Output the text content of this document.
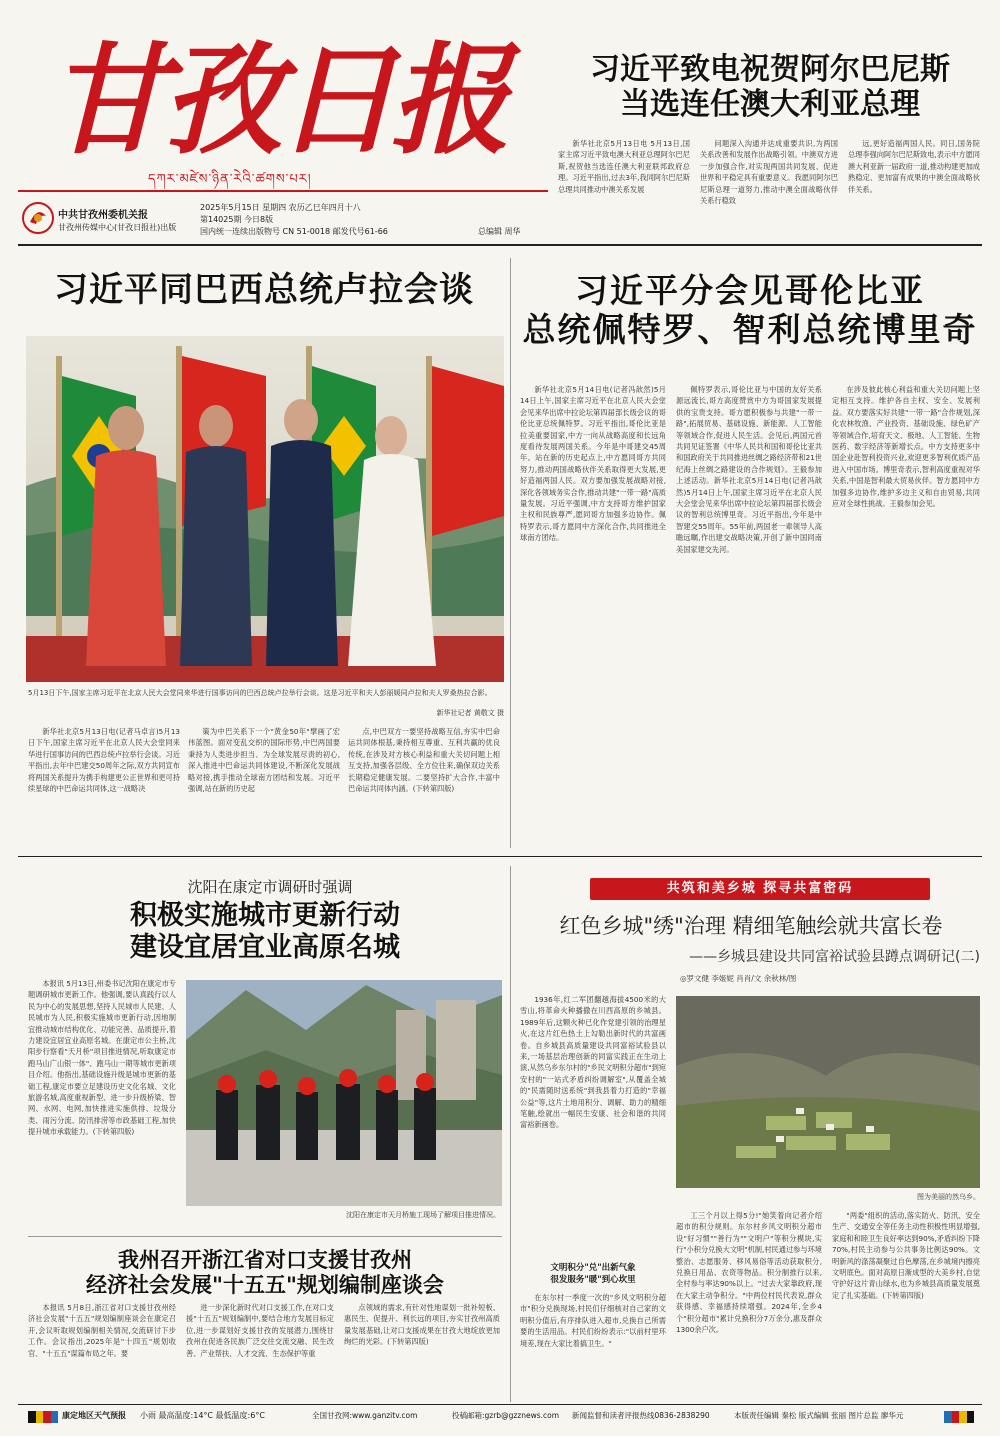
甘孜日报
དཀར་མཛེས་ཉིན་རེའི་ཚགས་པར།
中共甘孜州委机关报
甘孜州传媒中心(甘孜日报社)出版
2025年5月15日 星期四 农历乙巳年四月十八
第14025期 今日8版
国内统一连续出版物号 CN 51-0018 邮发代号61-66	总编辑 周华
习近平致电祝贺阿尔巴尼斯
当选连任澳大利亚总理
新华社北京5月13日电 5月13日,国家主席习近平致电澳大利亚总理阿尔巴尼斯,祝贺他当选连任澳大利亚联邦政府总理。习近平指出,过去3年,我同阿尔巴尼斯总理共同推动中澳关系发展
问题深入沟通并达成重要共识,为两国关系改善和发展作出战略引领。中澳双方进一步加强合作,对实现两国共同发展、促进世界和平稳定具有重要意义。我愿同阿尔巴尼斯总理一道努力,推动中澳全面战略伙伴关系行稳致
远,更好造福两国人民。同日,国务院总理李强向阿尔巴尼斯致电,表示中方愿同澳大利亚新一届政府一道,推动构建更加成熟稳定、更加富有成果的中澳全面战略伙伴关系。
习近平同巴西总统卢拉会谈
5月13日下午,国家主席习近平在北京人民大会堂同来华进行国事访问的巴西总统卢拉举行会谈。这是习近平和夫人彭丽媛同卢拉和夫人罗桑热拉合影。
新华社记者 黄敬文 摄
新华社北京5月13日电(记者马卓言)5月13日下午,国家主席习近平在北京人民大会堂同来华进行国事访问的巴西总统卢拉举行会谈。习近平指出,去年中巴建交50周年之际,双方共同宣布将两国关系提升为携手构建更公正世界和更可持续星球的中巴命运共同体,这一战略决
策为中巴关系下一个"黄金50年"擘画了宏伟蓝图。面对变乱交织的国际形势,中巴两国要秉持为人类进步担当、为全球发展尽责的初心,深入推进中巴命运共同体建设,不断深化发展战略对接,携手推动全球南方团结和发展。习近平强调,站在新的历史起
点,中巴双方一要坚持战略互信,夯实中巴命运共同体根基,秉持相互尊重、互利共赢的优良传统,在涉及对方核心利益和重大关切问题上相互支持,加强各层级、全方位往来,确保双边关系长期稳定健康发展。二要坚持扩大合作,丰富中巴命运共同体内涵。(下转第四版)
习近平分会见哥伦比亚
总统佩特罗、智利总统博里奇
新华社北京5月14日电(记者冯歆然)5月14日上午,国家主席习近平在北京人民大会堂会见来华出席中拉论坛第四届部长级会议的哥伦比亚总统佩特罗。习近平指出,哥伦比亚是拉美重要国家,中方一向从战略高度和长远角度看待发展两国关系。今年是中哥建交45周年。站在新的历史起点上,中方愿同哥方共同努力,推动两国战略伙伴关系取得更大发展,更好造福两国人民。双方要加强发展战略对接,深化各领域务实合作,推动共建"一带一路"高质量发展。习近平强调,中方支持哥方维护国家主权和民族尊严,愿同哥方加强多边协作。佩特罗表示,哥方愿同中方深化合作,共同推进全球南方团结。
佩特罗表示,哥伦比亚与中国的友好关系源远流长,哥方高度赞赏中方为哥国家发展提供的宝贵支持。哥方愿积极参与共建"一带一路",拓展贸易、基础设施、新能源、人工智能等领域合作,促进人民生活。会见后,两国元首共同见证签署《中华人民共和国和哥伦比亚共和国政府关于共同推进丝绸之路经济带和21世纪海上丝绸之路建设的合作规划》。王毅参加上述活动。新华社北京5月14日电(记者冯歆然)5月14日上午,国家主席习近平在北京人民大会堂会见来华出席中拉论坛第四届部长级会议的智利总统博里奇。习近平指出,今年是中智建交55周年。55年前,两国老一辈领导人高瞻远瞩,作出建交战略决策,开创了新中国同南美国家建交先河。
在涉及彼此核心利益和重大关切问题上坚定相互支持。维护各自主权、安全、发展利益。双方要落实好共建"一带一路"合作规划,深化农林牧渔、产业投资、基础设施、绿色矿产等领域合作,培育天文、极地、人工智能、生物医药、数字经济等新增长点。中方支持更多中国企业赴智利投资兴业,欢迎更多智利优质产品进入中国市场。博里奇表示,智利高度重视对华关系,中国是智利最大贸易伙伴。智方愿同中方加强多边协作,维护多边主义和自由贸易,共同应对全球性挑战。王毅参加会见。
沈阳在康定市调研时强调
积极实施城市更新行动
建设宜居宜业高原名城
本报讯 5月13日,州委书记沈阳在康定市专题调研城市更新工作。他强调,要认真践行以人民为中心的发展思想,坚持人民城市人民建、人民城市为人民,积极实施城市更新行动,因地制宜推动城市结构优化、功能完善、品质提升,着力建设宜居宜业高原名城。在康定市公主桥,沈阳步行察看"天月桥"项目推进情况,听取康定市跑马山广山银一体"、跑马山一期等城市更新项目介绍。他指出,基础设施升级是城市更新的基础工程,康定市要立足建设历史文化名城、文化旅游名城,高度重视新型、进一步升级桥梁、智网、水网、电网,加快推进实施供排、垃圾分类、雨污分流、防汛排涝等市政基础工程,加快提升城市承载能力。(下转第四版)
沈阳在康定市天月桥施工现场了解项目推进情况。
我州召开浙江省对口支援甘孜州
经济社会发展"十五五"规划编制座谈会
本报讯 5月8日,浙江省对口支援甘孜州经济社会发展"十五五"规划编制座谈会在康定召开,会议听取规划编制相关情况,交流研讨下步工作。会议指出,2025年是"十四五"规划收官、"十五五"谋篇布局之年。要
进一步深化新时代对口支援工作,在对口支援"十五五"规划编制中,要结合地方发展目标定位,进一步谋划好支援甘孜的发展潜力,围绕甘孜州在促进各民族广泛交往交流交融、民生改善、产业帮扶、人才交流、生态保护等重
点领域的需求,有针对性地谋划一批补短板、惠民生、促提升、利长远的项目,夯实甘孜州高质量发展基础,让对口支援成果在甘孜大地绽放更加绚烂的光彩。(下转第四版)
共筑和美乡城 探寻共富密码
红色乡城"绣"治理 精细笔触绘就共富长卷
——乡城县建设共同富裕试验县蹲点调研记(二)
◎罗文健 李姬妮 肖肖/文 余秋林/图
1936年,红二军团翻越海拔4500米的大雪山,将革命火种播撒在川西高原的乡城县。1989年后,这颗火种已化作党建引领的治理星火,在这片红色热土上勾勒出新时代的共富画卷。自乡城县高质量建设共同富裕试验县以来,一场基层治理创新的同富实践正在生动上演,从然乌乡东尔村的"乡民文明积分超市"到宛安村的"一站式矛盾纠纷调解室",从覆盖全城的"民需随时送系统"到我县着力打造的"幸福公益"等,这片土地用积分、调解、助力的精细笔触,绘就出一幅民生安康、社会和谐的共同富裕新画卷。
文明积分"兑"出新气象
很发服务"暖"到心坎里
在东尔村一季度一次的"乡风文明积分超市"积分兑换现场,村民们仔细核对自己家的文明积分值后,有序排队进入超市,兑换自己所需要的生活用品。村民们纷纷表示:"以前村里环境差,现在大家比着搞卫生。"
图为美丽的然乌乡。
工三个月以上得5分!"她笑着向记者介绍超市的积分规则。东尔村乡风文明积分超市设"好习惯""善行为""文明户"等积分模块,实行"小积分兑换大文明"机制,村民通过参与环境整治、志愿服务、移风易俗等活动获取积分,兑换日用品、农资等物品。积分制推行以来,全村参与率达90%以上。"过去大家靠政府,现在大家主动争积分。"中两位村民代表说,群众获得感、幸福感持续增强。2024年,全乡4个"积分超市"累计兑换积分7万余分,惠及群众1300余户次。
"两委"组织的活动,落实防火、防汛、安全生产、交通安全等任务主动性积极性明显增强,家庭和和睦卫生良好率达到90%,矛盾纠纷下降70%,村民主动参与公共事务比例达90%。文明新风的涤荡凝聚过自色摩荡,在乡城境内擦亮文明底色。面对高原日渐成型的大美乡村,自觉守护好这片青山绿水,也为乡城县高质量发展奠定了扎实基础。(下转第四版)
康定地区天气预报 小雨 最高温度:14°C 最低温度:6°C	全国甘孜网:www.ganzitv.com	投稿邮箱:gzrb@gzznews.com 新闻监督和读者评报热线0836-2838290	本版责任编辑 秦松 版式编辑 张丽 图片总监 廖华元
